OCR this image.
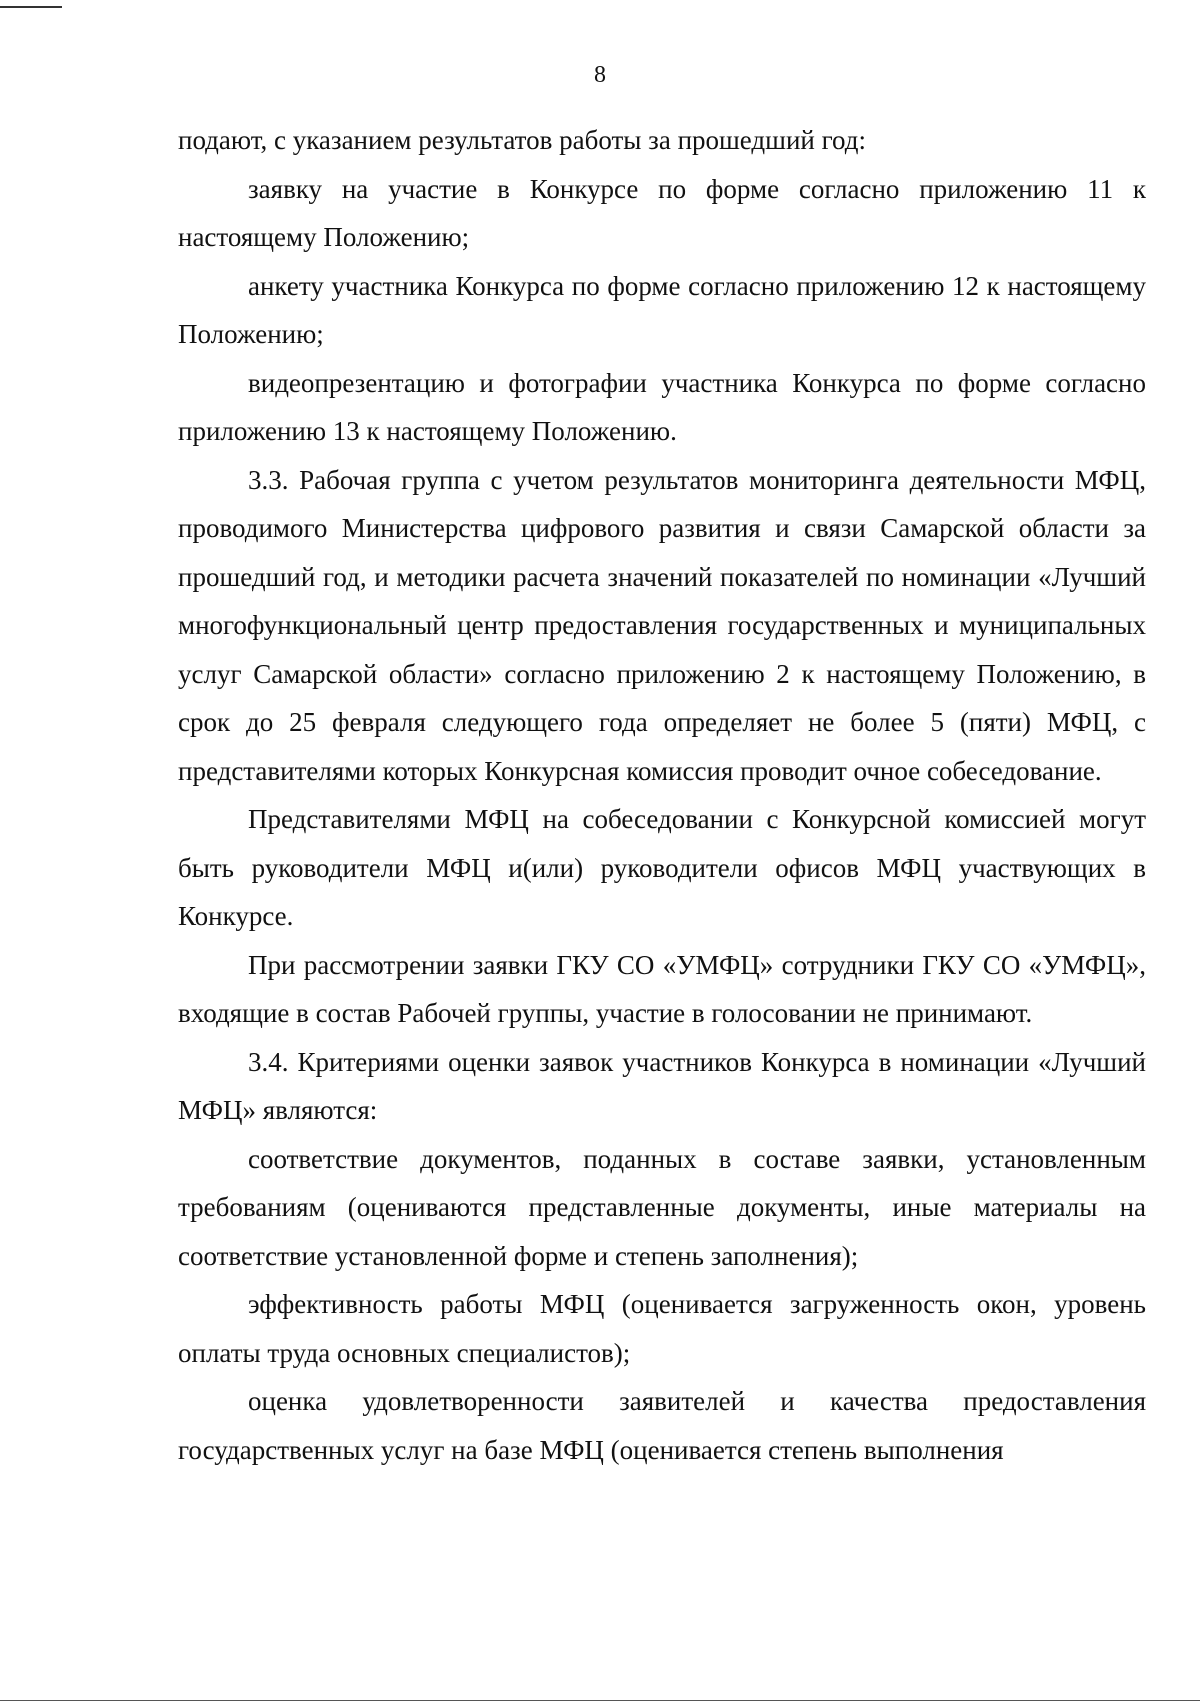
8

подают, с указанием результатов работы за прошедший год:

заявку на участие в Конкурсе по форме согласно приложению 11 к настоящему Положению;

анкету участника Конкурса по форме согласно приложению 12 к настоящему Положению;

видеопрезентацию и фотографии участника Конкурса по форме согласно приложению 13 к настоящему Положению.

3.3. Рабочая группа с учетом результатов мониторинга деятельности МФЦ, проводимого Министерства цифрового развития и связи Самарской области за прошедший год, и методики расчета значений показателей по номинации «Лучший многофункциональный центр предоставления государственных и муниципальных услуг Самарской области» согласно приложению 2 к настоящему Положению, в срок до 25 февраля следующего года определяет не более 5 (пяти) МФЦ, с представителями которых Конкурсная комиссия проводит очное собеседование.

Представителями МФЦ на собеседовании с Конкурсной комиссией могут быть руководители МФЦ и(или) руководители офисов МФЦ участвующих в Конкурсе.

При рассмотрении заявки ГКУ СО «УМФЦ» сотрудники ГКУ СО «УМФЦ», входящие в состав Рабочей группы, участие в голосовании не принимают.

3.4. Критериями оценки заявок участников Конкурса в номинации «Лучший МФЦ» являются:

соответствие документов, поданных в составе заявки, установленным требованиям (оцениваются представленные документы, иные материалы на соответствие установленной форме и степень заполнения);

эффективность работы МФЦ (оценивается загруженность окон, уровень оплаты труда основных специалистов);

оценка удовлетворенности заявителей и качества предоставления государственных услуг на базе МФЦ (оценивается степень выполнения
